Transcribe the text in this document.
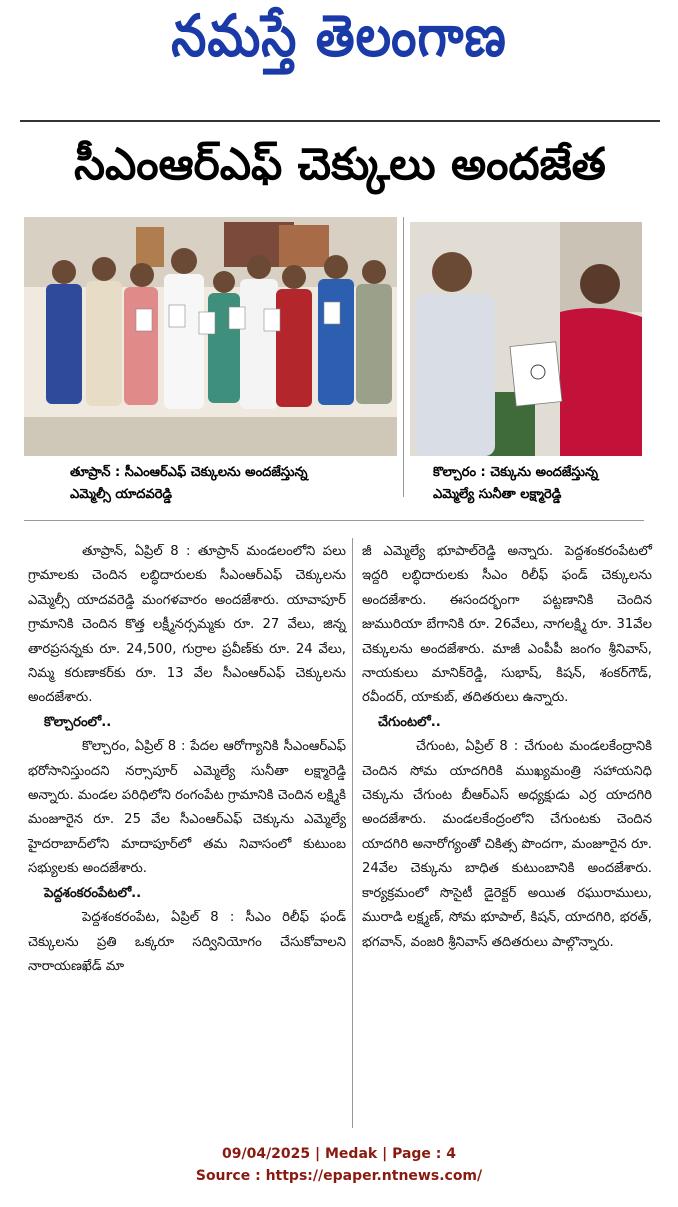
నమస్తే తెలంగాణ
సీఎంఆర్ఎఫ్ చెక్కులు అందజేత
తూప్రాన్ : సీఎంఆర్ఎఫ్ చెక్కులను అందజేస్తున్న
ఎమ్మెల్సీ యాదవరెడ్డి
కొల్చారం : చెక్కును అందజేస్తున్న
ఎమ్మెల్యే సునీతా లక్ష్మారెడ్డి

తూప్రాన్, ఏప్రిల్ 8 : తూప్రాన్ మండలంలోని పలు గ్రామాలకు చెందిన లబ్ధిదారులకు సీఎంఆర్ఎఫ్ చెక్కులను ఎమ్మెల్సీ యాదవరెడ్డి మంగళవారం అందజేశారు. యావాపూర్ గ్రామానికి చెందిన కొత్త లక్ష్మీనర్సమ్మకు రూ. 27 వేలు, జిన్న తారప్రసన్నకు రూ. 24,500, గుర్రాల ప్రవీణ్‌కు రూ. 24 వేలు, నిమ్మ కరుణాకర్‌కు రూ. 13 వేల సీఎంఆర్ఎఫ్ చెక్కులను అందజేశారు.

కొల్చారంలో..

కొల్చారం, ఏప్రిల్ 8 : పేదల ఆరోగ్యానికి సీఎంఆర్ఎఫ్ భరోసానిస్తుందని నర్సాపూర్ ఎమ్మెల్యే సునీతా లక్ష్మారెడ్డి అన్నారు. మండల పరిధిలోని రంగంపేట గ్రామానికి చెందిన లక్ష్మికి మంజూరైన రూ. 25 వేల సీఎంఆర్ఎఫ్ చెక్కును ఎమ్మెల్యే హైదరాబాద్‌లోని మాదాపూర్‌లో తమ నివాసంలో కుటుంబ సభ్యులకు అందజేశారు.

పెద్దశంకరంపేటలో..

పెద్దశంకరంపేట, ఏప్రిల్ 8 : సీఎం రిలీఫ్ ఫండ్ చెక్కులను ప్రతి ఒక్కరూ సద్వినియోగం చేసుకోవాలని నారాయణఖేడ్ మా

జీ ఎమ్మెల్యే భూపాల్‌రెడ్డి అన్నారు. పెద్దశంకరంపేటలో ఇద్దరి లబ్ధిదారులకు సీఎం రిలీఫ్ ఫండ్ చెక్కులను అందజేశారు. ఈసందర్భంగా పట్టణానికి చెందిన జుమురియా బేగానికి రూ. 26వేలు, నాగలక్ష్మి రూ. 31వేల చెక్కులను అందజేశారు. మాజీ ఎంపీపీ జంగం శ్రీనివాస్, నాయకులు మానిక్‌రెడ్డి, సుభాష్, కిషన్, శంకర్‌గౌడ్, రవీందర్, యాకుబ్, తదితరులు ఉన్నారు.

చేగుంటలో..

చేగుంట, ఏప్రిల్ 8 : చేగుంట మండలకేంద్రానికి చెందిన సోమ యాదగిరికి ముఖ్యమంత్రి సహాయనిధి చెక్కును చేగుంట బీఆర్ఎస్ అధ్యక్షుడు ఎర్ర యాదగిరి అందజేశారు. మండలకేంద్రంలోని చేగుంటకు చెందిన యాదగిరి అనారోగ్యంతో చికిత్స పొందగా, మంజూరైన రూ. 24వేల చెక్కును బాధిత కుటుంబానికి అందజేశారు. కార్యక్రమంలో సొసైటీ డైరెక్టర్ అయిత రఘురాములు, మురాడి లక్ష్మణ్, సోమ భూపాల్, కిషన్, యాదగిరి, భరత్, భగవాన్, వంజరి శ్రీనివాస్ తదితరులు పాల్గొన్నారు.

09/04/2025 | Medak | Page : 4
Source : https://epaper.ntnews.com/
